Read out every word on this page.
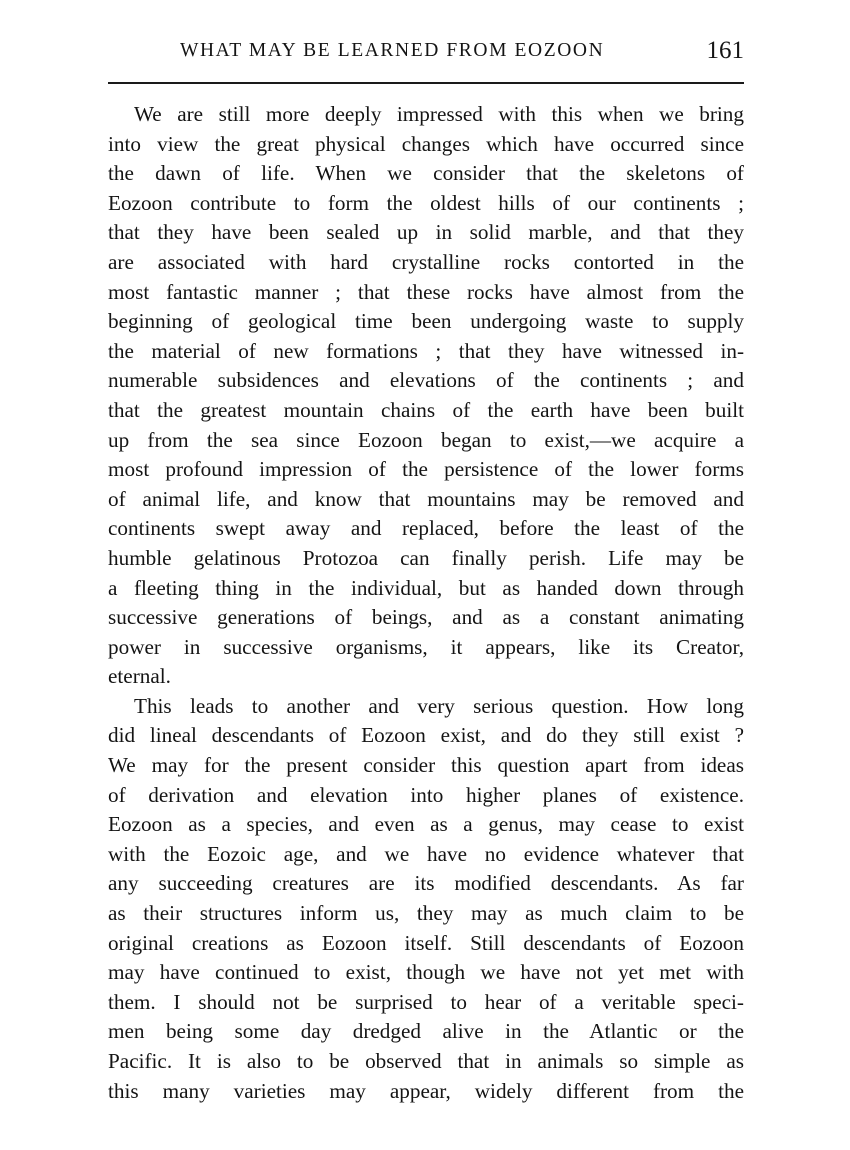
WHAT MAY BE LEARNED FROM EOZOON	161
We are still more deeply impressed with this when we bring
into view the great physical changes which have occurred since
the dawn of life. When we consider that the skeletons of
Eozoon contribute to form the oldest hills of our continents ;
that they have been sealed up in solid marble, and that they
are associated with hard crystalline rocks contorted in the
most fantastic manner ; that these rocks have almost from the
beginning of geological time been undergoing waste to supply
the material of new formations ; that they have witnessed in-
numerable subsidences and elevations of the continents ; and
that the greatest mountain chains of the earth have been built
up from the sea since Eozoon began to exist,—we acquire a
most profound impression of the persistence of the lower forms
of animal life, and know that mountains may be removed and
continents swept away and replaced, before the least of the
humble gelatinous Protozoa can finally perish. Life may be
a fleeting thing in the individual, but as handed down through
successive generations of beings, and as a constant animating
power in successive organisms, it appears, like its Creator,
eternal.
This leads to another and very serious question. How long
did lineal descendants of Eozoon exist, and do they still exist ?
We may for the present consider this question apart from ideas
of derivation and elevation into higher planes of existence.
Eozoon as a species, and even as a genus, may cease to exist
with the Eozoic age, and we have no evidence whatever that
any succeeding creatures are its modified descendants. As far
as their structures inform us, they may as much claim to be
original creations as Eozoon itself. Still descendants of Eozoon
may have continued to exist, though we have not yet met with
them. I should not be surprised to hear of a veritable speci-
men being some day dredged alive in the Atlantic or the
Pacific. It is also to be observed that in animals so simple as
this many varieties may appear, widely different from the
